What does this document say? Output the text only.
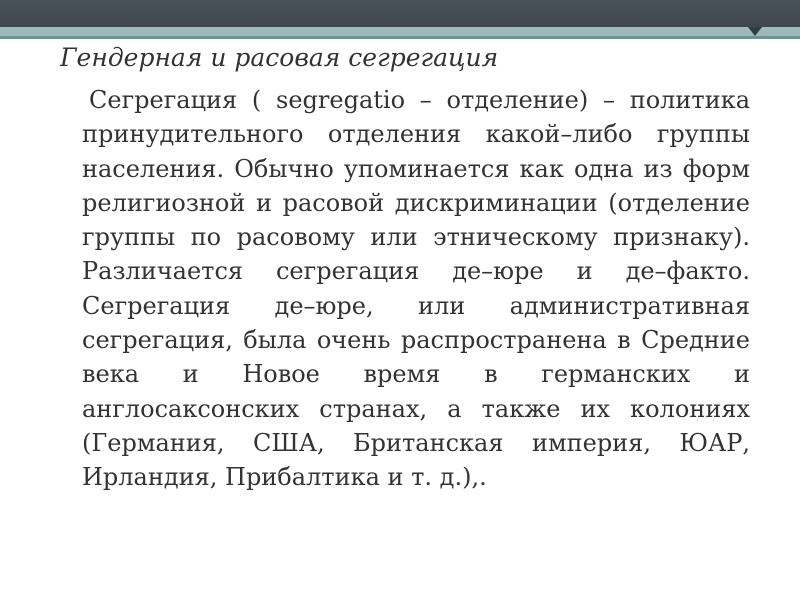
Гендерная и расовая сегрегация

Сегрегация ( segregatio – отделение) – политика принудительного отделения какой–либо группы населения. Обычно упоминается как одна из форм религиозной и расовой дискриминации (отделение группы по расовому или этническому признаку). Различается сегрегация де–юре и де–факто. Сегрегация де–юре, или административная сегрегация, была очень распространена в Средние века и Новое время в германских и англосаксонских странах, а также их колониях (Германия, США, Британская империя, ЮАР, Ирландия, Прибалтика и т. д.),.
